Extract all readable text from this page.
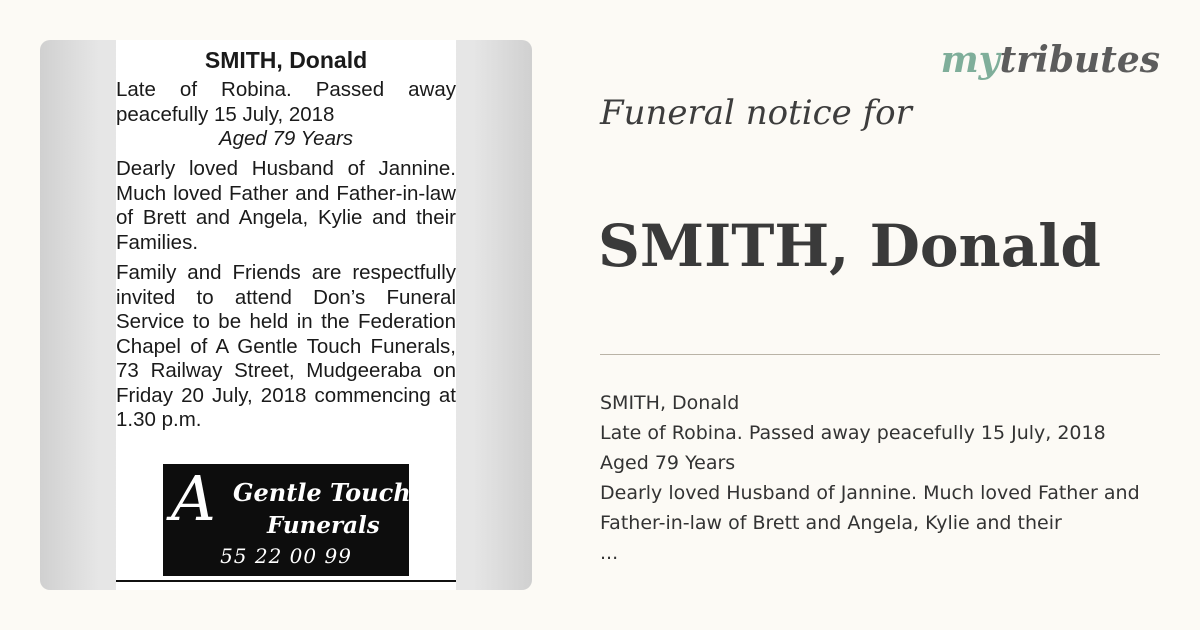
SMITH, Donald
Late of Robina. Passed away peacefully 15 July, 2018
Aged 79 Years
Dearly loved Husband of Jannine. Much loved Father and Father-in-law of Brett and Angela, Kylie and their Families.
Family and Friends are respectfully invited to attend Don’s Funeral Service to be held in the Federation Chapel of A Gentle Touch Funerals, 73 Railway Street, Mudgeeraba on Friday 20 July, 2018 commencing at 1.30 p.m.
A Gentle Touch
Funerals
55 22 00 99
mytributes
Funeral notice for
SMITH, Donald
SMITH, Donald
Late of Robina. Passed away peacefully 15 July, 2018
Aged 79 Years
Dearly loved Husband of Jannine. Much loved Father and
Father-in-law of Brett and Angela, Kylie and their
...
